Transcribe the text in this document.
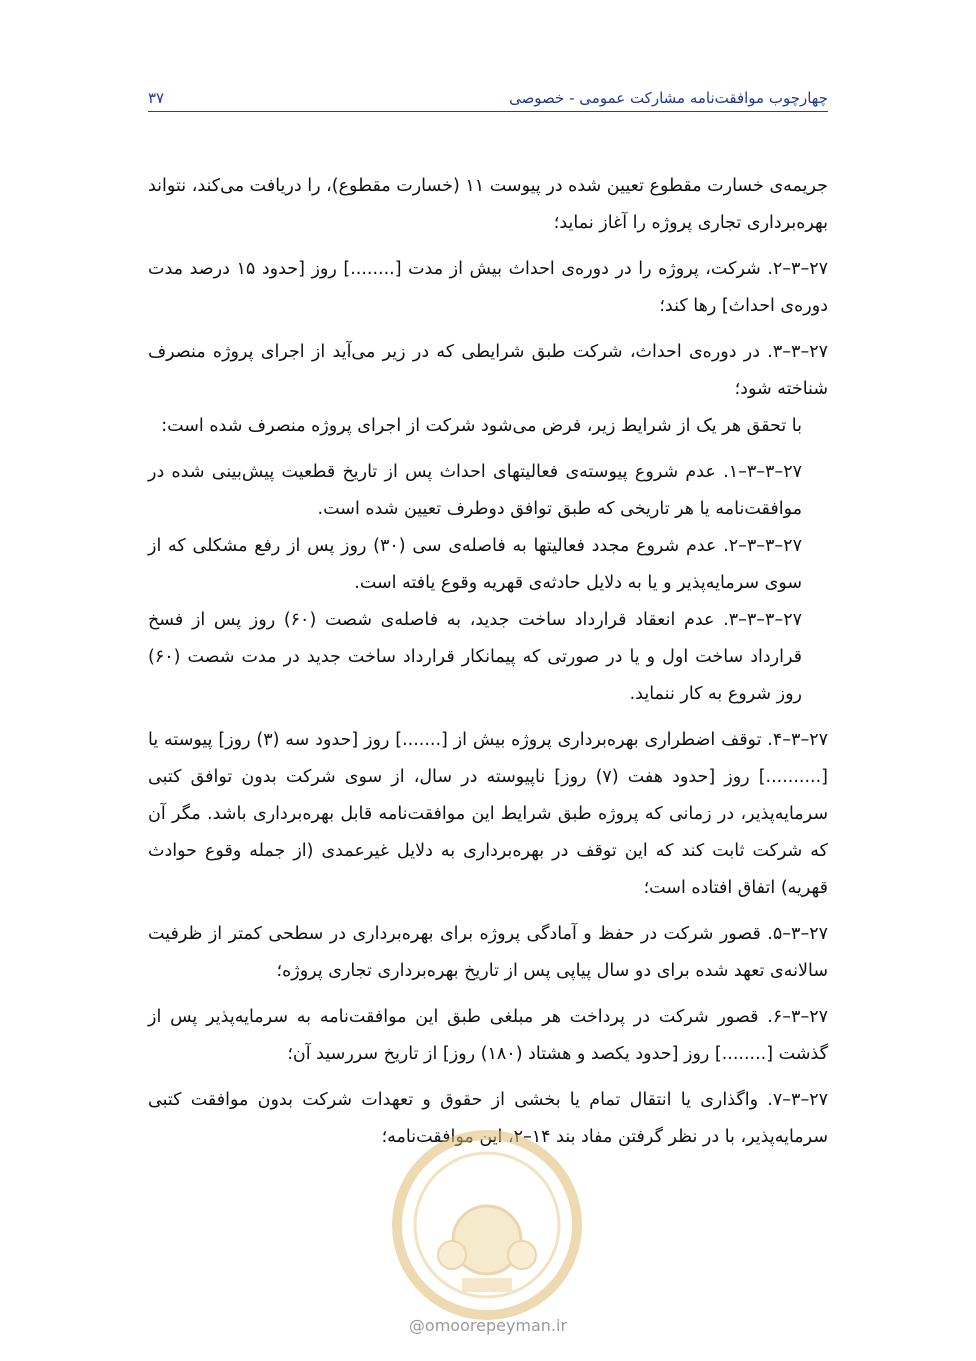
۳۷	چهارچوب موافقت‌نامه مشارکت عمومی - خصوصی

جریمه‌ی خسارت مقطوع تعیین شده در پیوست ۱۱ (خسارت مقطوع)، را دریافت می‌کند، نتواند بهره‌برداری تجاری پروژه را آغاز نماید؛

۲۷–۳–۲. شرکت، پروژه را در دوره‌ی احداث بیش از مدت [........] روز [حدود ۱۵ درصد مدت دوره‌ی احداث] رها کند؛

۲۷–۳–۳. در دوره‌ی احداث، شرکت طبق شرایطی که در زیر می‌آید از اجرای پروژه منصرف شناخته شود؛

با تحقق هر یک از شرایط زیر، فرض می‌شود شرکت از اجرای پروژه منصرف شده است:

۲۷–۳–۳–۱. عدم شروع پیوسته‌ی فعالیتهای احداث پس از تاریخ قطعیت پیش‌بینی شده در موافقت‌نامه یا هر تاریخی که طبق توافق دوطرف تعیین شده است.

۲۷–۳–۳–۲. عدم شروع مجدد فعالیتها به فاصله‌ی سی (۳۰) روز پس از رفع مشکلی که از سوی سرمایه‌پذیر و یا به دلایل حادثه‌ی قهریه وقوع یافته است.

۲۷–۳–۳–۳. عدم انعقاد قرارداد ساخت جدید، به فاصله‌ی شصت (۶۰) روز پس از فسخ قرارداد ساخت اول و یا در صورتی که پیمانکار قرارداد ساخت جدید در مدت شصت (۶۰) روز شروع به کار ننماید.

۲۷–۳–۴. توقف اضطراری بهره‌برداری پروژه بیش از [.......] روز [حدود سه (۳) روز] پیوسته یا [..........] روز [حدود هفت (۷) روز] ناپیوسته در سال، از سوی شرکت بدون توافق کتبی سرمایه‌پذیر، در زمانی که پروژه طبق شرایط این موافقت‌نامه قابل بهره‌برداری باشد. مگر آن که شرکت ثابت کند که این توقف در بهره‌برداری به دلایل غیرعمدی (از جمله وقوع حوادث قهریه) اتفاق افتاده است؛

۲۷–۳–۵. قصور شرکت در حفظ و آمادگی پروژه برای بهره‌برداری در سطحی کمتر از ظرفیت سالانه‌ی تعهد شده برای دو سال پیاپی پس از تاریخ بهره‌برداری تجاری پروژه؛

۲۷–۳–۶. قصور شرکت در پرداخت هر مبلغی طبق این موافقت‌نامه به سرمایه‌پذیر پس از گذشت [........] روز [حدود یکصد و هشتاد (۱۸۰) روز] از تاریخ سررسید آن؛

۲۷–۳–۷. واگذاری یا انتقال تمام یا بخشی از حقوق و تعهدات شرکت بدون موافقت کتبی سرمایه‌پذیر، با در نظر گرفتن مفاد بند ۱۴–۲، این موافقت‌نامه؛

@omoorepeyman.ir
